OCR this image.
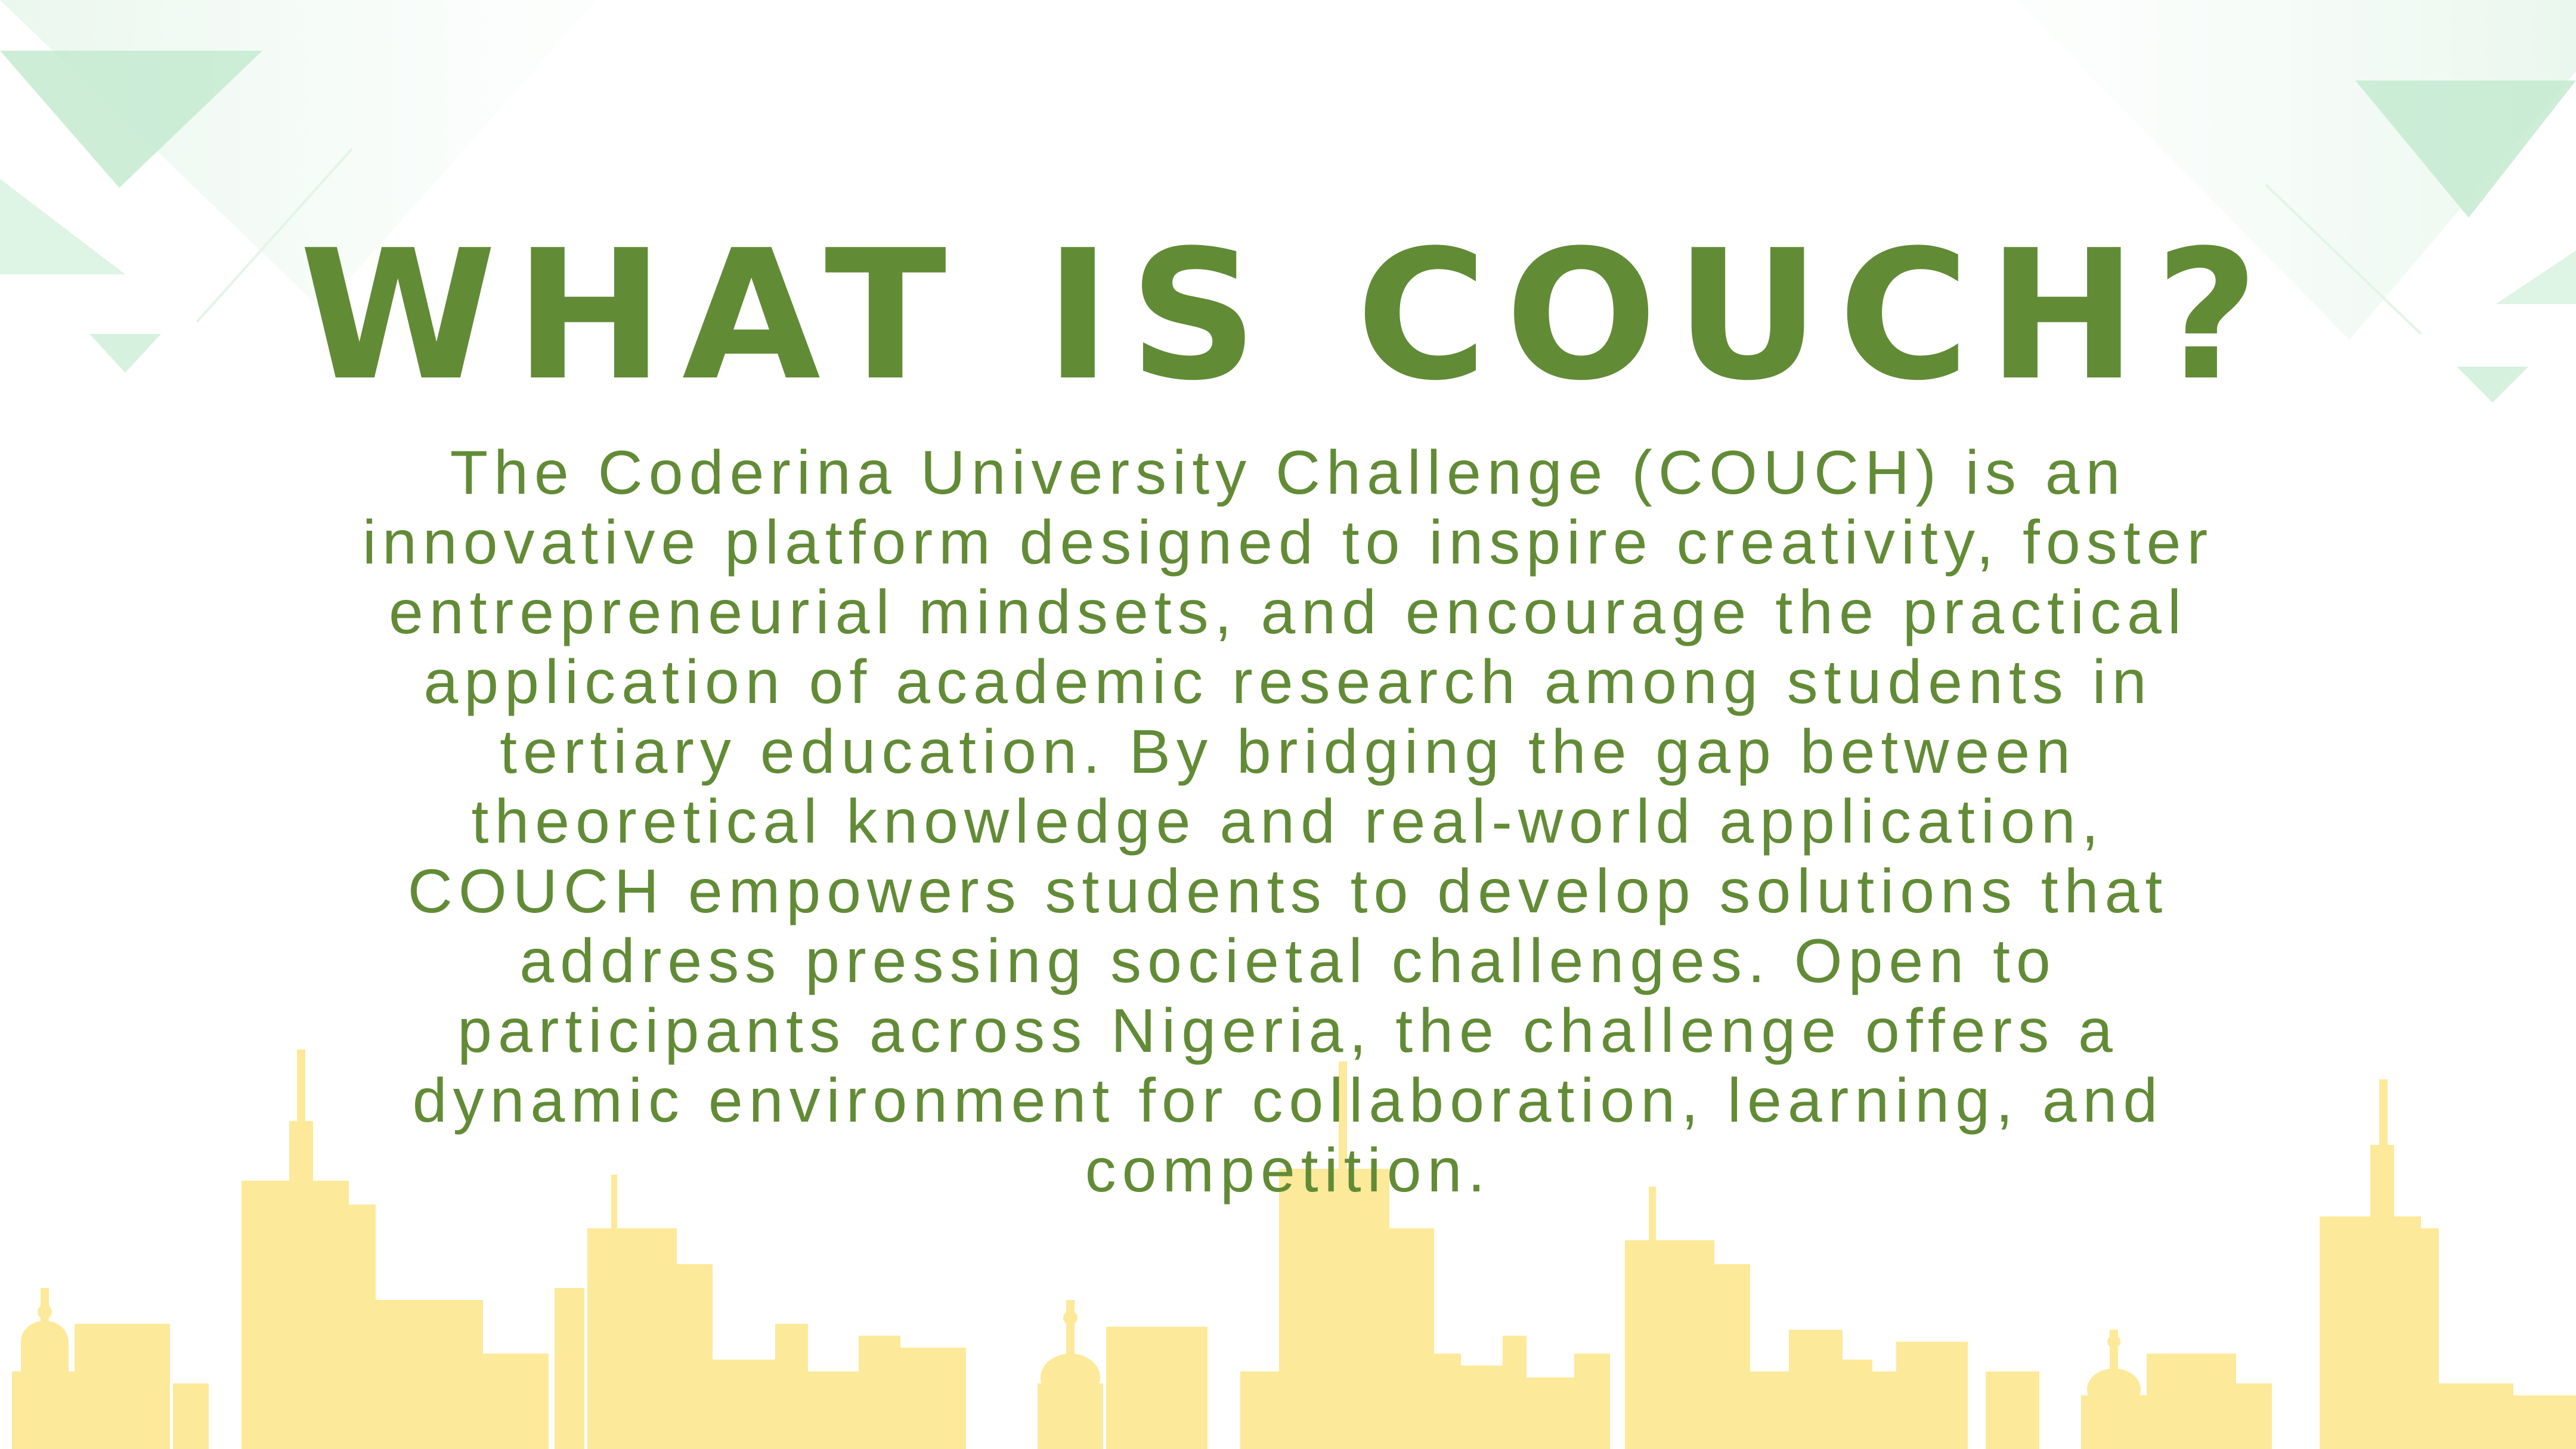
WHAT IS COUCH?

The Coderina University Challenge (COUCH) is an innovative platform designed to inspire creativity, foster entrepreneurial mindsets, and encourage the practical application of academic research among students in tertiary education. By bridging the gap between theoretical knowledge and real-world application, COUCH empowers students to develop solutions that address pressing societal challenges. Open to participants across Nigeria, the challenge offers a dynamic environment for collaboration, learning, and competition.
